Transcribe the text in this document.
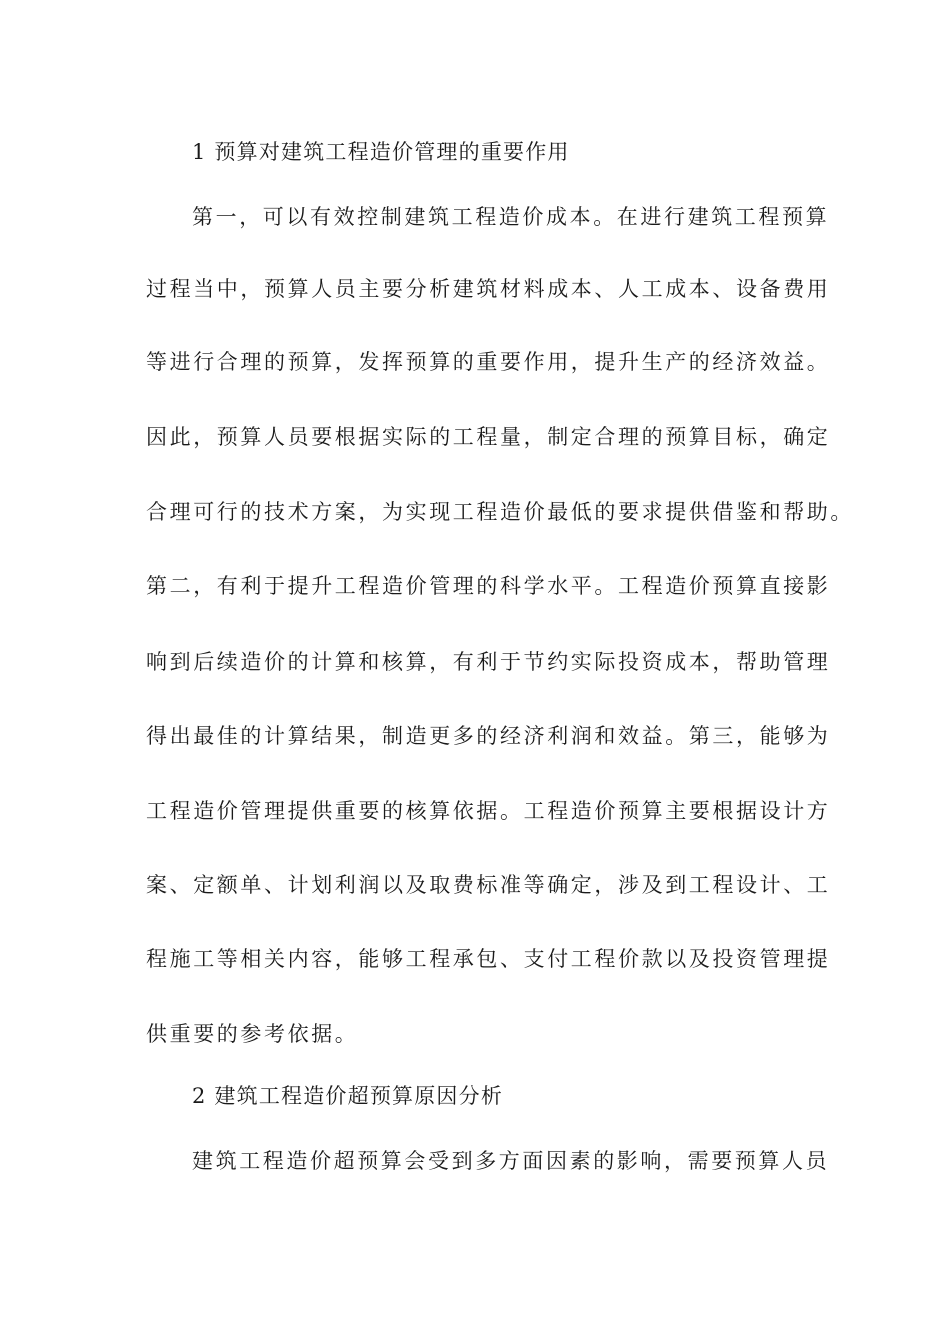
1 预算对建筑工程造价管理的重要作用
第一，可以有效控制建筑工程造价成本。在进行建筑工程预算
过程当中，预算人员主要分析建筑材料成本、人工成本、设备费用
等进行合理的预算，发挥预算的重要作用，提升生产的经济效益。
因此，预算人员要根据实际的工程量，制定合理的预算目标，确定
合理可行的技术方案，为实现工程造价最低的要求提供借鉴和帮助。
第二，有利于提升工程造价管理的科学水平。工程造价预算直接影
响到后续造价的计算和核算，有利于节约实际投资成本，帮助管理
得出最佳的计算结果，制造更多的经济利润和效益。第三，能够为
工程造价管理提供重要的核算依据。工程造价预算主要根据设计方
案、定额单、计划利润以及取费标准等确定，涉及到工程设计、工
程施工等相关内容，能够工程承包、支付工程价款以及投资管理提
供重要的参考依据。
2 建筑工程造价超预算原因分析
建筑工程造价超预算会受到多方面因素的影响，需要预算人员
